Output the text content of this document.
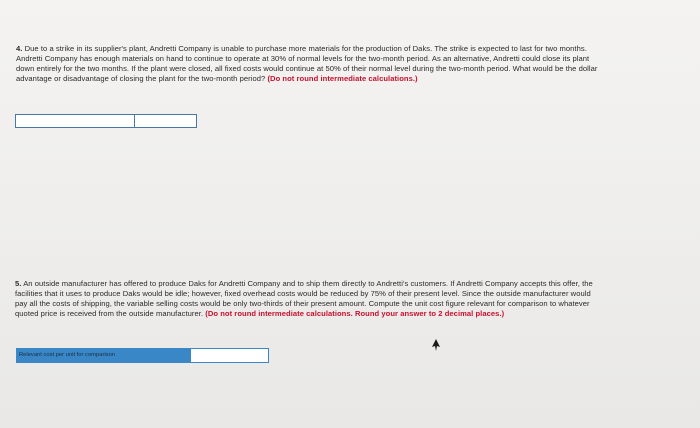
4. Due to a strike in its supplier's plant, Andretti Company is unable to purchase more materials for the production of Daks. The strike is expected to last for two months. Andretti Company has enough materials on hand to continue to operate at 30% of normal levels for the two-month period. As an alternative, Andretti could close its plant down entirely for the two months. If the plant were closed, all fixed costs would continue at 50% of their normal level during the two-month period. What would be the dollar advantage or disadvantage of closing the plant for the two-month period? (Do not round intermediate calculations.)
5. An outside manufacturer has offered to produce Daks for Andretti Company and to ship them directly to Andretti's customers. If Andretti Company accepts this offer, the facilities that it uses to produce Daks would be idle; however, fixed overhead costs would be reduced by 75% of their present level. Since the outside manufacturer would pay all the costs of shipping, the variable selling costs would be only two-thirds of their present amount. Compute the unit cost figure relevant for comparison to whatever quoted price is received from the outside manufacturer. (Do not round intermediate calculations. Round your answer to 2 decimal places.)
Relevant cost per unit for comparison
